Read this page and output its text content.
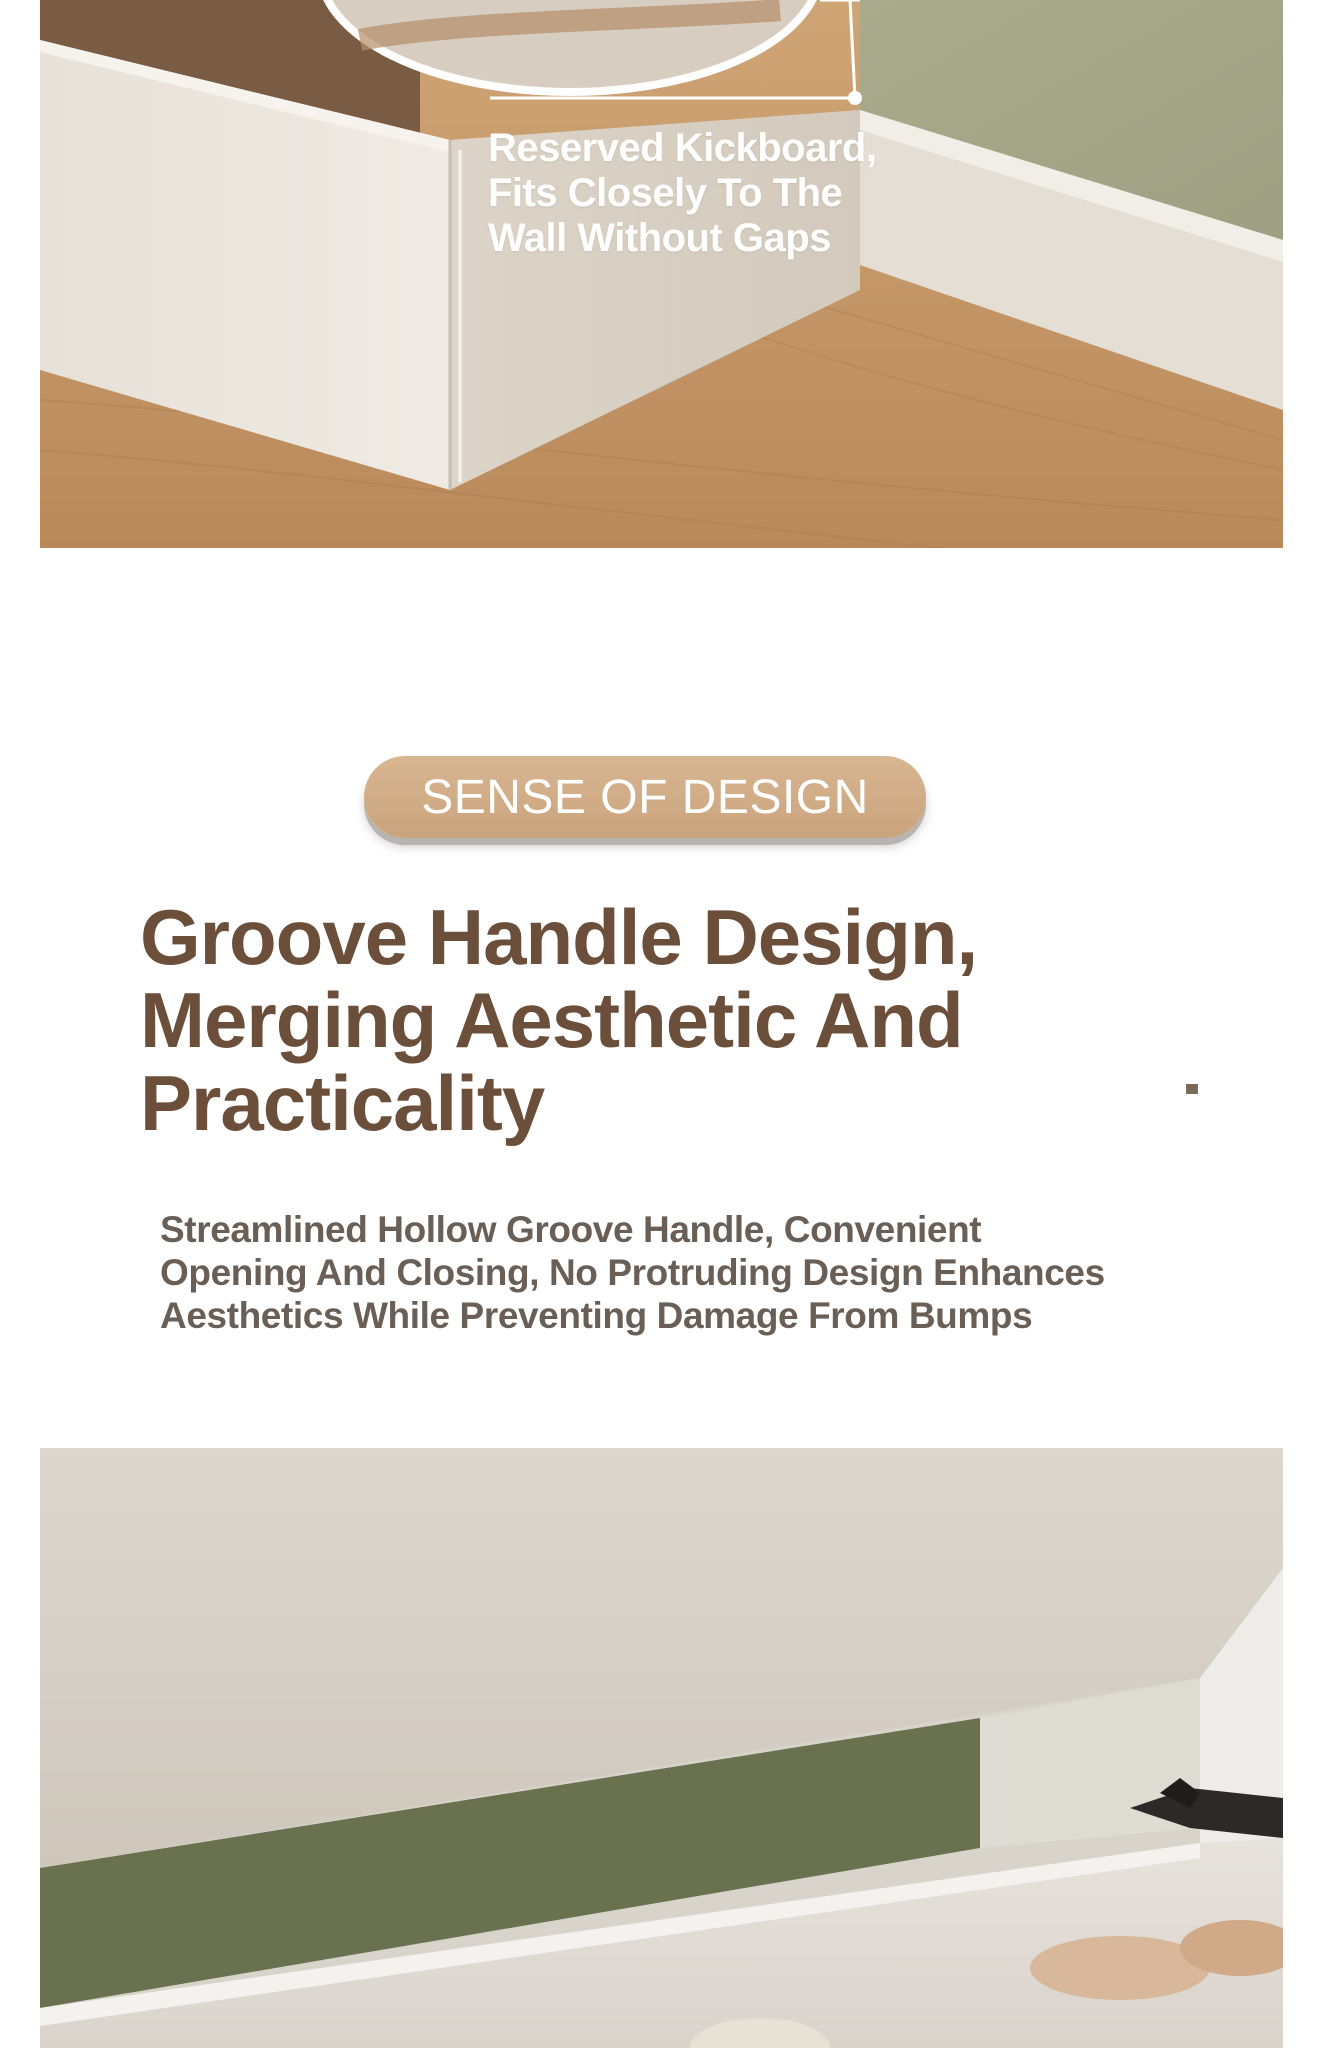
Reserved Kickboard,
Fits Closely To The
Wall Without Gaps

SENSE OF DESIGN
Groove Handle Design,
Merging Aesthetic And
Practicality

Streamlined Hollow Groove Handle, Convenient
Opening And Closing, No Protruding Design Enhances
Aesthetics While Preventing Damage From Bumps
